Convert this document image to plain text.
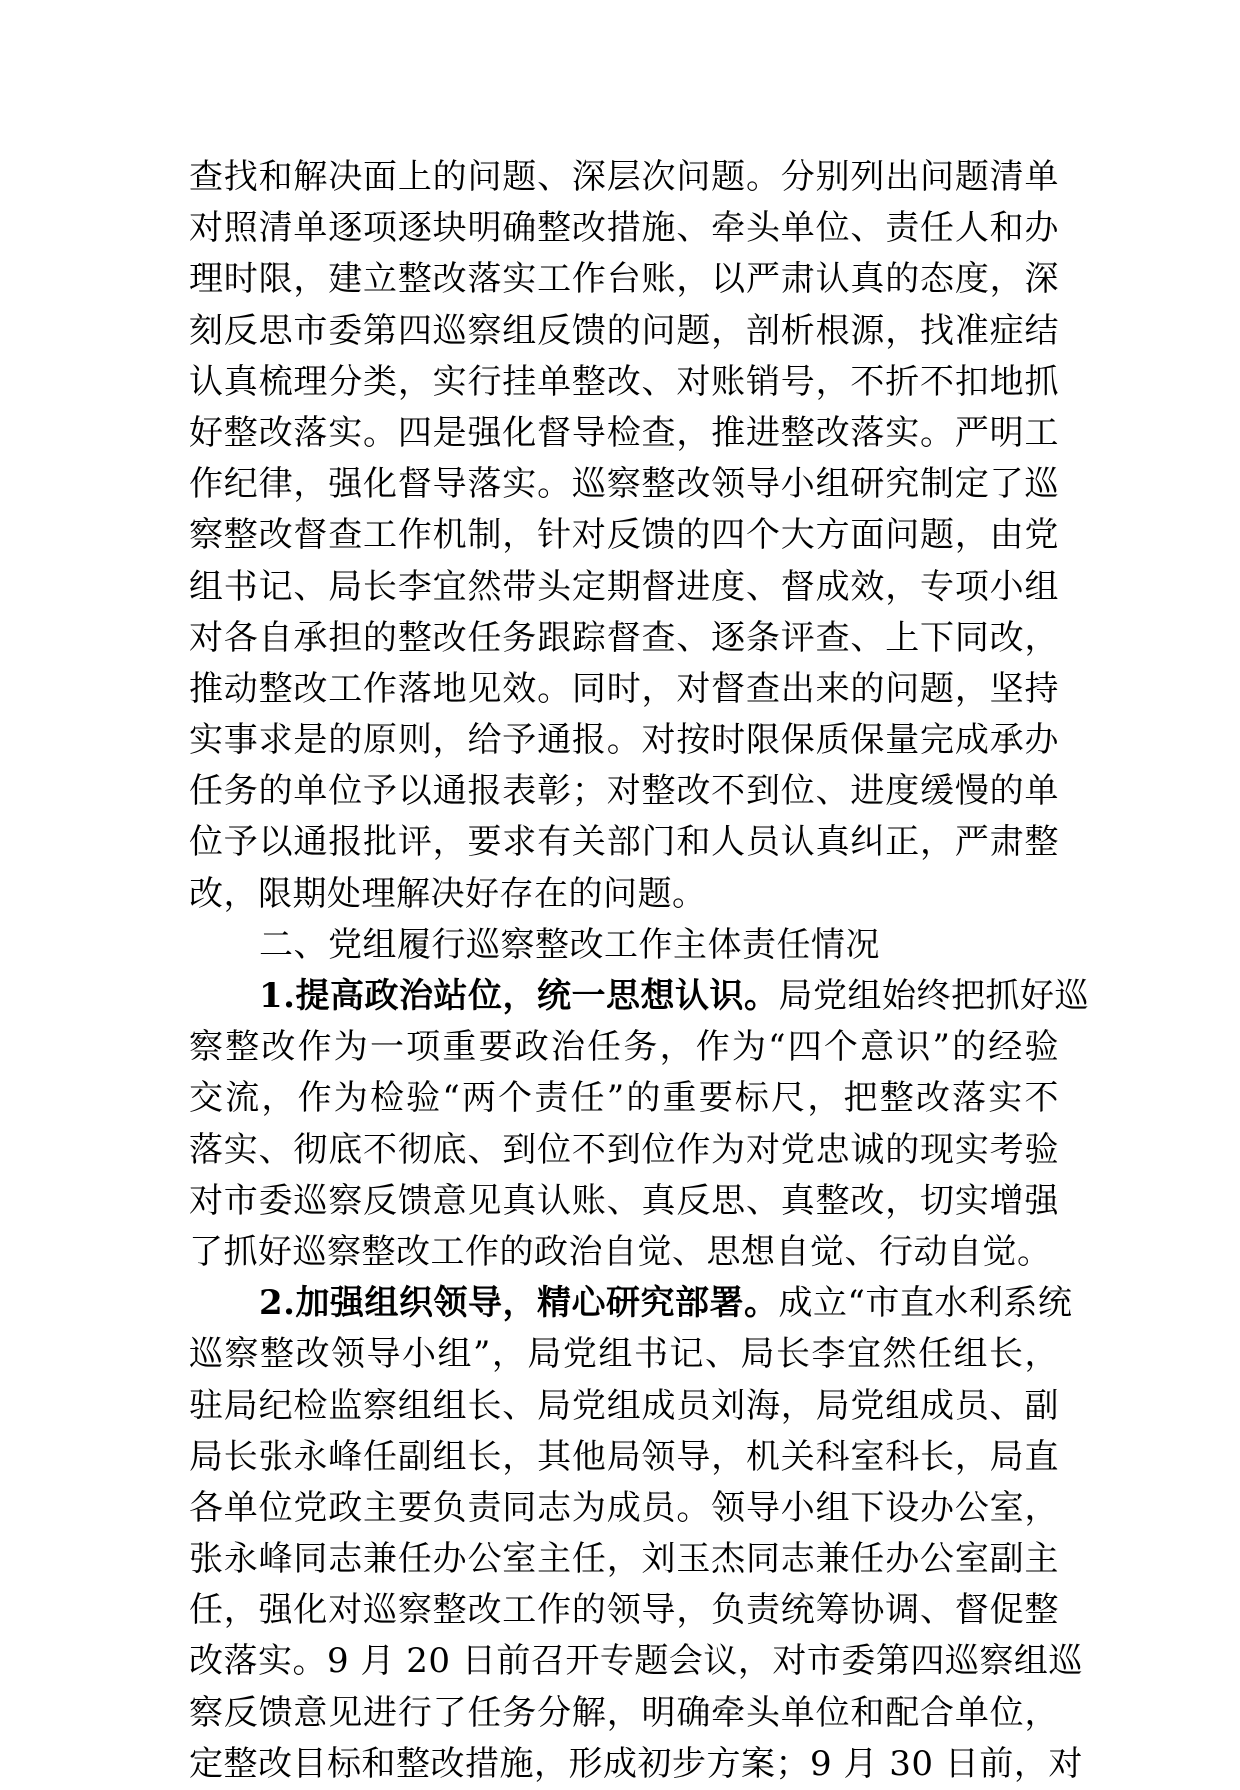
查找和解决面上的问题、深层次问题。分别列出问题清单
对照清单逐项逐块明确整改措施、牵头单位、责任人和办
理时限，建立整改落实工作台账，以严肃认真的态度，深
刻反思市委第四巡察组反馈的问题，剖析根源，找准症结
认真梳理分类，实行挂单整改、对账销号，不折不扣地抓
好整改落实。四是强化督导检查，推进整改落实。严明工
作纪律，强化督导落实。巡察整改领导小组研究制定了巡
察整改督查工作机制，针对反馈的四个大方面问题，由党
组书记、局长李宜然带头定期督进度、督成效，专项小组
对各自承担的整改任务跟踪督查、逐条评查、上下同改，
推动整改工作落地见效。同时，对督查出来的问题，坚持
实事求是的原则，给予通报。对按时限保质保量完成承办
任务的单位予以通报表彰；对整改不到位、进度缓慢的单
位予以通报批评，要求有关部门和人员认真纠正，严肃整
改，限期处理解决好存在的问题。
二、党组履行巡察整改工作主体责任情况
1.提高政治站位，统一思想认识。局党组始终把抓好巡
察整改作为一项重要政治任务，作为“四个意识”的经验
交流，作为检验“两个责任”的重要标尺，把整改落实不
落实、彻底不彻底、到位不到位作为对党忠诚的现实考验
对市委巡察反馈意见真认账、真反思、真整改，切实增强
了抓好巡察整改工作的政治自觉、思想自觉、行动自觉。
2.加强组织领导，精心研究部署。成立“市直水利系统
巡察整改领导小组”，局党组书记、局长李宜然任组长，
驻局纪检监察组组长、局党组成员刘海，局党组成员、副
局长张永峰任副组长，其他局领导，机关科室科长，局直
各单位党政主要负责同志为成员。领导小组下设办公室，
张永峰同志兼任办公室主任，刘玉杰同志兼任办公室副主
任，强化对巡察整改工作的领导，负责统筹协调、督促整
改落实。9 月 20 日前召开专题会议，对市委第四巡察组巡
察反馈意见进行了任务分解，明确牵头单位和配合单位，
定整改目标和整改措施，形成初步方案；9 月 30 日前，对
